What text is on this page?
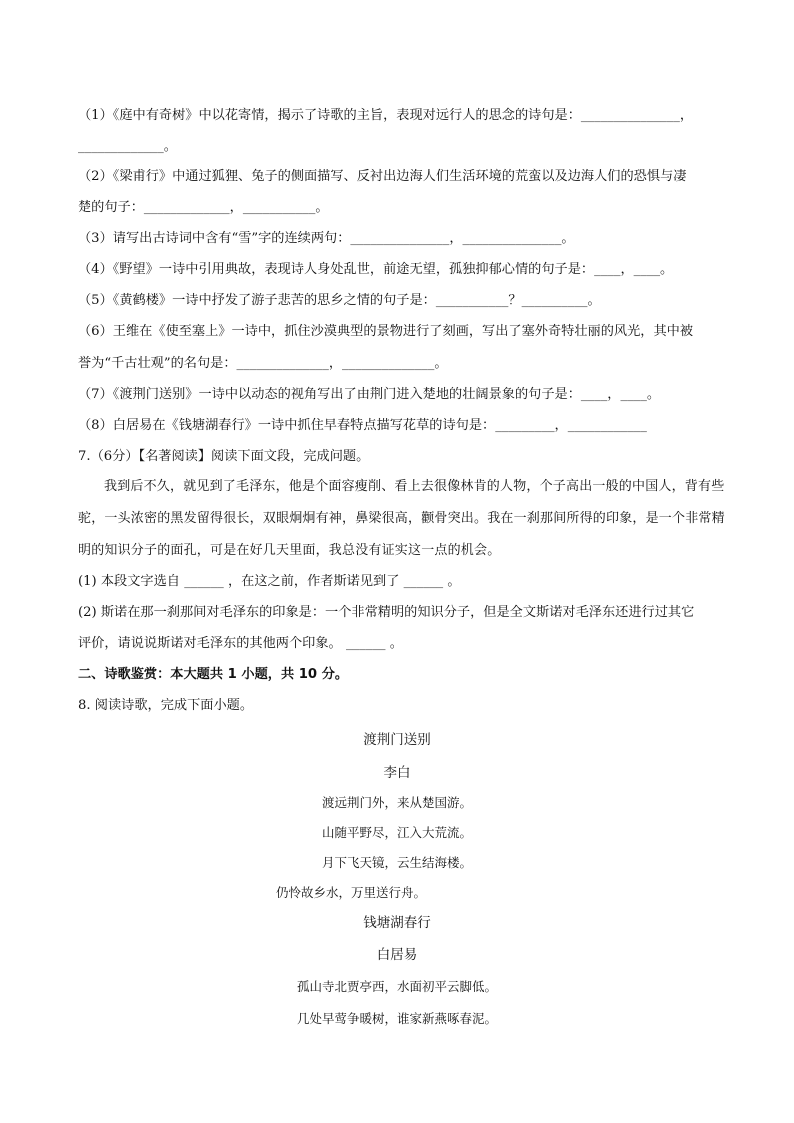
（1）《庭中有奇树》中以花寄情，揭示了诗歌的主旨，表现对远行人的思念的诗句是：_______________，
_____________。
（2）《梁甫行》中通过狐狸、兔子的侧面描写、反衬出边海人们生活环境的荒蛮以及边海人们的恐惧与凄
楚的句子：_____________，___________。
（3）请写出古诗词中含有“雪”字的连续两句：_______________，_______________。
（4）《野望》一诗中引用典故，表现诗人身处乱世，前途无望，孤独抑郁心情的句子是：____，____。
（5）《黄鹤楼》一诗中抒发了游子悲苦的思乡之情的句子是：___________？__________。
（6）王维在《使至塞上》一诗中，抓住沙漠典型的景物进行了刻画，写出了塞外奇特壮丽的风光，其中被
誉为“千古壮观”的名句是：______________，______________。
（7）《渡荆门送别》一诗中以动态的视角写出了由荆门进入楚地的壮阔景象的句子是：____，____。
（8）白居易在《钱塘湖春行》一诗中抓住早春特点描写花草的诗句是：_________，____________
7.（6分）【名著阅读】阅读下面文段，完成问题。
我到后不久，就见到了毛泽东，他是个面容瘦削、看上去很像林肯的人物，个子高出一般的中国人，背有些驼，一头浓密的黑发留得很长，双眼炯炯有神，鼻梁很高，颧骨突出。我在一刹那间所得的印象，是一个非常精明的知识分子的面孔，可是在好几天里面，我总没有证实这一点的机会。
(1) 本段文字选自 ______ ，在这之前，作者斯诺见到了 ______ 。
(2) 斯诺在那一刹那间对毛泽东的印象是：一个非常精明的知识分子，但是全文斯诺对毛泽东还进行过其它
评价，请说说斯诺对毛泽东的其他两个印象。 ______ 。
二、诗歌鉴赏：本大题共 1 小题，共 10 分。
8. 阅读诗歌，完成下面小题。
渡荆门送别
李白
渡远荆门外，来从楚国游。
山随平野尽，江入大荒流。
月下飞天镜，云生结海楼。
仍怜故乡水，万里送行舟。
钱塘湖春行
白居易
孤山寺北贾亭西，水面初平云脚低。
几处早莺争暖树，谁家新燕啄春泥。
